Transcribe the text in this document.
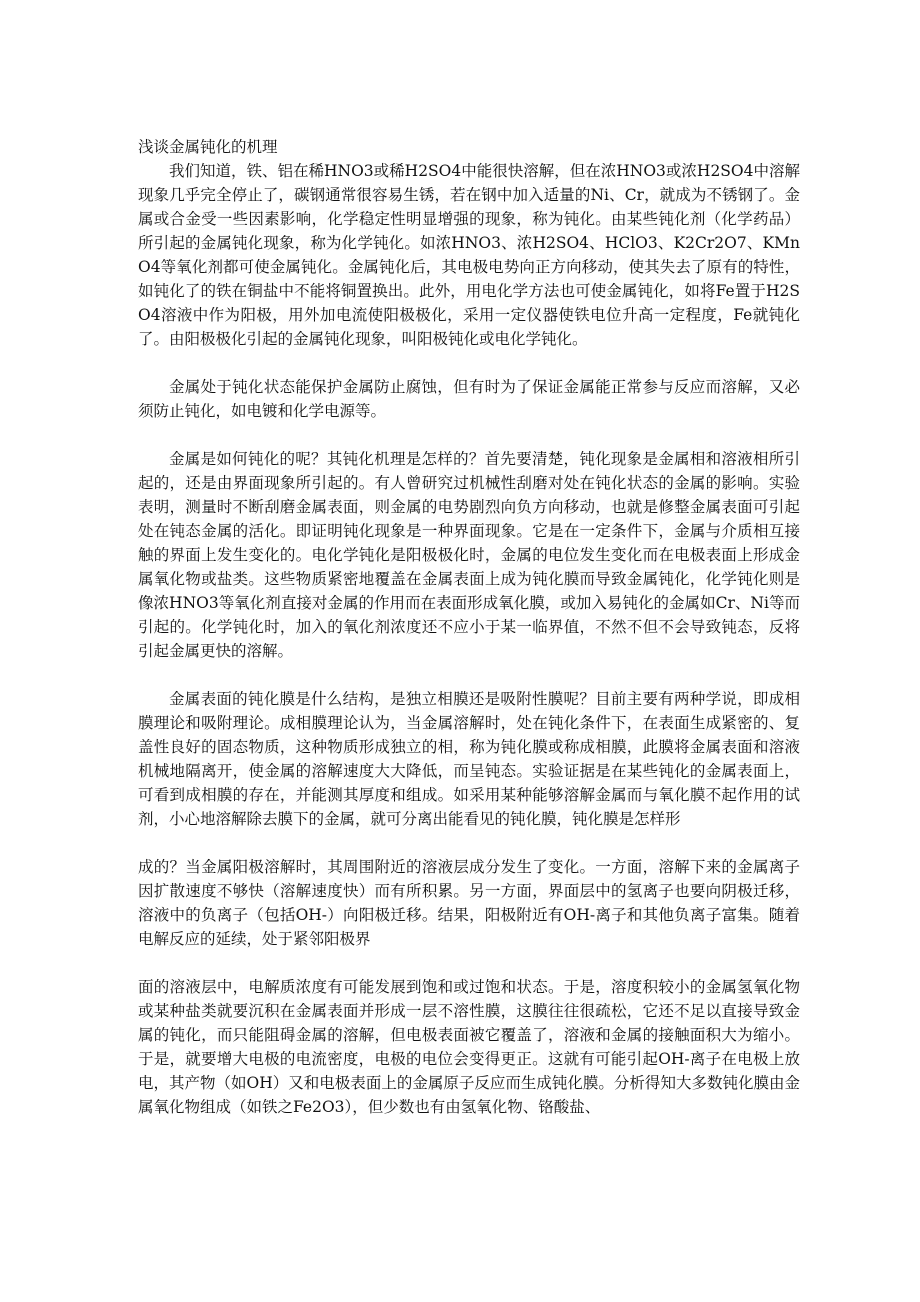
浅谈金属钝化的机理

我们知道，铁、铝在稀HNO3或稀H2SO4中能很快溶解，但在浓HNO3或浓H2SO4中溶解现象几乎完全停止了，碳钢通常很容易生锈，若在钢中加入适量的Ni、Cr，就成为不锈钢了。金属或合金受一些因素影响，化学稳定性明显增强的现象，称为钝化。由某些钝化剂（化学药品）所引起的金属钝化现象，称为化学钝化。如浓HNO3、浓H2SO4、HClO3、K2Cr2O7、KMnO4等氧化剂都可使金属钝化。金属钝化后，其电极电势向正方向移动，使其失去了原有的特性，如钝化了的铁在铜盐中不能将铜置换出。此外，用电化学方法也可使金属钝化，如将Fe置于H2SO4溶液中作为阳极，用外加电流使阳极极化，采用一定仪器使铁电位升高一定程度，Fe就钝化了。由阳极极化引起的金属钝化现象，叫阳极钝化或电化学钝化。

金属处于钝化状态能保护金属防止腐蚀，但有时为了保证金属能正常参与反应而溶解，又必须防止钝化，如电镀和化学电源等。

金属是如何钝化的呢？其钝化机理是怎样的？首先要清楚，钝化现象是金属相和溶液相所引起的，还是由界面现象所引起的。有人曾研究过机械性刮磨对处在钝化状态的金属的影响。实验表明，测量时不断刮磨金属表面，则金属的电势剧烈向负方向移动，也就是修整金属表面可引起处在钝态金属的活化。即证明钝化现象是一种界面现象。它是在一定条件下，金属与介质相互接触的界面上发生变化的。电化学钝化是阳极极化时，金属的电位发生变化而在电极表面上形成金属氧化物或盐类。这些物质紧密地覆盖在金属表面上成为钝化膜而导致金属钝化，化学钝化则是像浓HNO3等氧化剂直接对金属的作用而在表面形成氧化膜，或加入易钝化的金属如Cr、Ni等而引起的。化学钝化时，加入的氧化剂浓度还不应小于某一临界值，不然不但不会导致钝态，反将引起金属更快的溶解。

金属表面的钝化膜是什么结构，是独立相膜还是吸附性膜呢？目前主要有两种学说，即成相膜理论和吸附理论。成相膜理论认为，当金属溶解时，处在钝化条件下，在表面生成紧密的、复盖性良好的固态物质，这种物质形成独立的相，称为钝化膜或称成相膜，此膜将金属表面和溶液机械地隔离开，使金属的溶解速度大大降低，而呈钝态。实验证据是在某些钝化的金属表面上，可看到成相膜的存在，并能测其厚度和组成。如采用某种能够溶解金属而与氧化膜不起作用的试剂，小心地溶解除去膜下的金属，就可分离出能看见的钝化膜，钝化膜是怎样形

成的？当金属阳极溶解时，其周围附近的溶液层成分发生了变化。一方面，溶解下来的金属离子因扩散速度不够快（溶解速度快）而有所积累。另一方面，界面层中的氢离子也要向阴极迁移，溶液中的负离子（包括OH-）向阳极迁移。结果，阳极附近有OH-离子和其他负离子富集。随着电解反应的延续，处于紧邻阳极界

面的溶液层中，电解质浓度有可能发展到饱和或过饱和状态。于是，溶度积较小的金属氢氧化物或某种盐类就要沉积在金属表面并形成一层不溶性膜，这膜往往很疏松，它还不足以直接导致金属的钝化，而只能阻碍金属的溶解，但电极表面被它覆盖了，溶液和金属的接触面积大为缩小。于是，就要增大电极的电流密度，电极的电位会变得更正。这就有可能引起OH-离子在电极上放电，其产物（如OH）又和电极表面上的金属原子反应而生成钝化膜。分析得知大多数钝化膜由金属氧化物组成（如铁之Fe2O3），但少数也有由氢氧化物、铬酸盐、
